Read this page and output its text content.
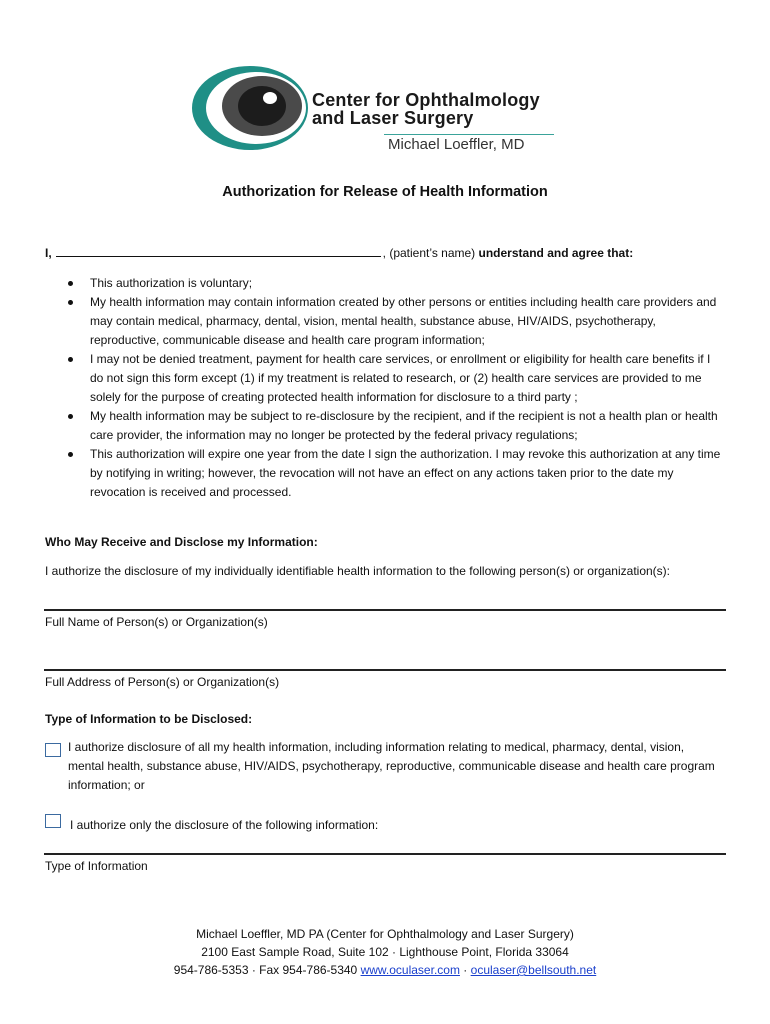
Center for Ophthalmology
and Laser Surgery
Michael Loeffler, MD
Authorization for Release of Health Information
I,	, (patient’s name) understand and agree that:
This authorization is voluntary;
My health information may contain information created by other persons or entities including health care providers and may contain medical, pharmacy, dental, vision, mental health, substance abuse, HIV/AIDS, psychotherapy, reproductive, communicable disease and health care program information;
I may not be denied treatment, payment for health care services, or enrollment or eligibility for health care benefits if I do not sign this form except (1) if my treatment is related to research, or (2) health care services are provided to me solely for the purpose of creating protected health information for disclosure to a third party ;
My health information may be subject to re-disclosure by the recipient, and if the recipient is not a health plan or health care provider, the information may no longer be protected by the federal privacy regulations;
This authorization will expire one year from the date I sign the authorization. I may revoke this authorization at any time by notifying in writing; however, the revocation will not have an effect on any actions taken prior to the date my revocation is received and processed.
Who May Receive and Disclose my Information:
I authorize the disclosure of my individually identifiable health information to the following person(s) or organization(s):
Full Name of Person(s) or Organization(s)
Full Address of Person(s) or Organization(s)
Type of Information to be Disclosed:
I authorize disclosure of all my health information, including information relating to medical, pharmacy, dental, vision, mental health, substance abuse, HIV/AIDS, psychotherapy, reproductive, communicable disease and health care program information; or
I authorize only the disclosure of the following information:
Type of Information
Michael Loeffler, MD PA (Center for Ophthalmology and Laser Surgery)
2100 East Sample Road, Suite 102 · Lighthouse Point, Florida 33064
954-786-5353 · Fax 954-786-5340 www.oculaser.com · oculaser@bellsouth.net
